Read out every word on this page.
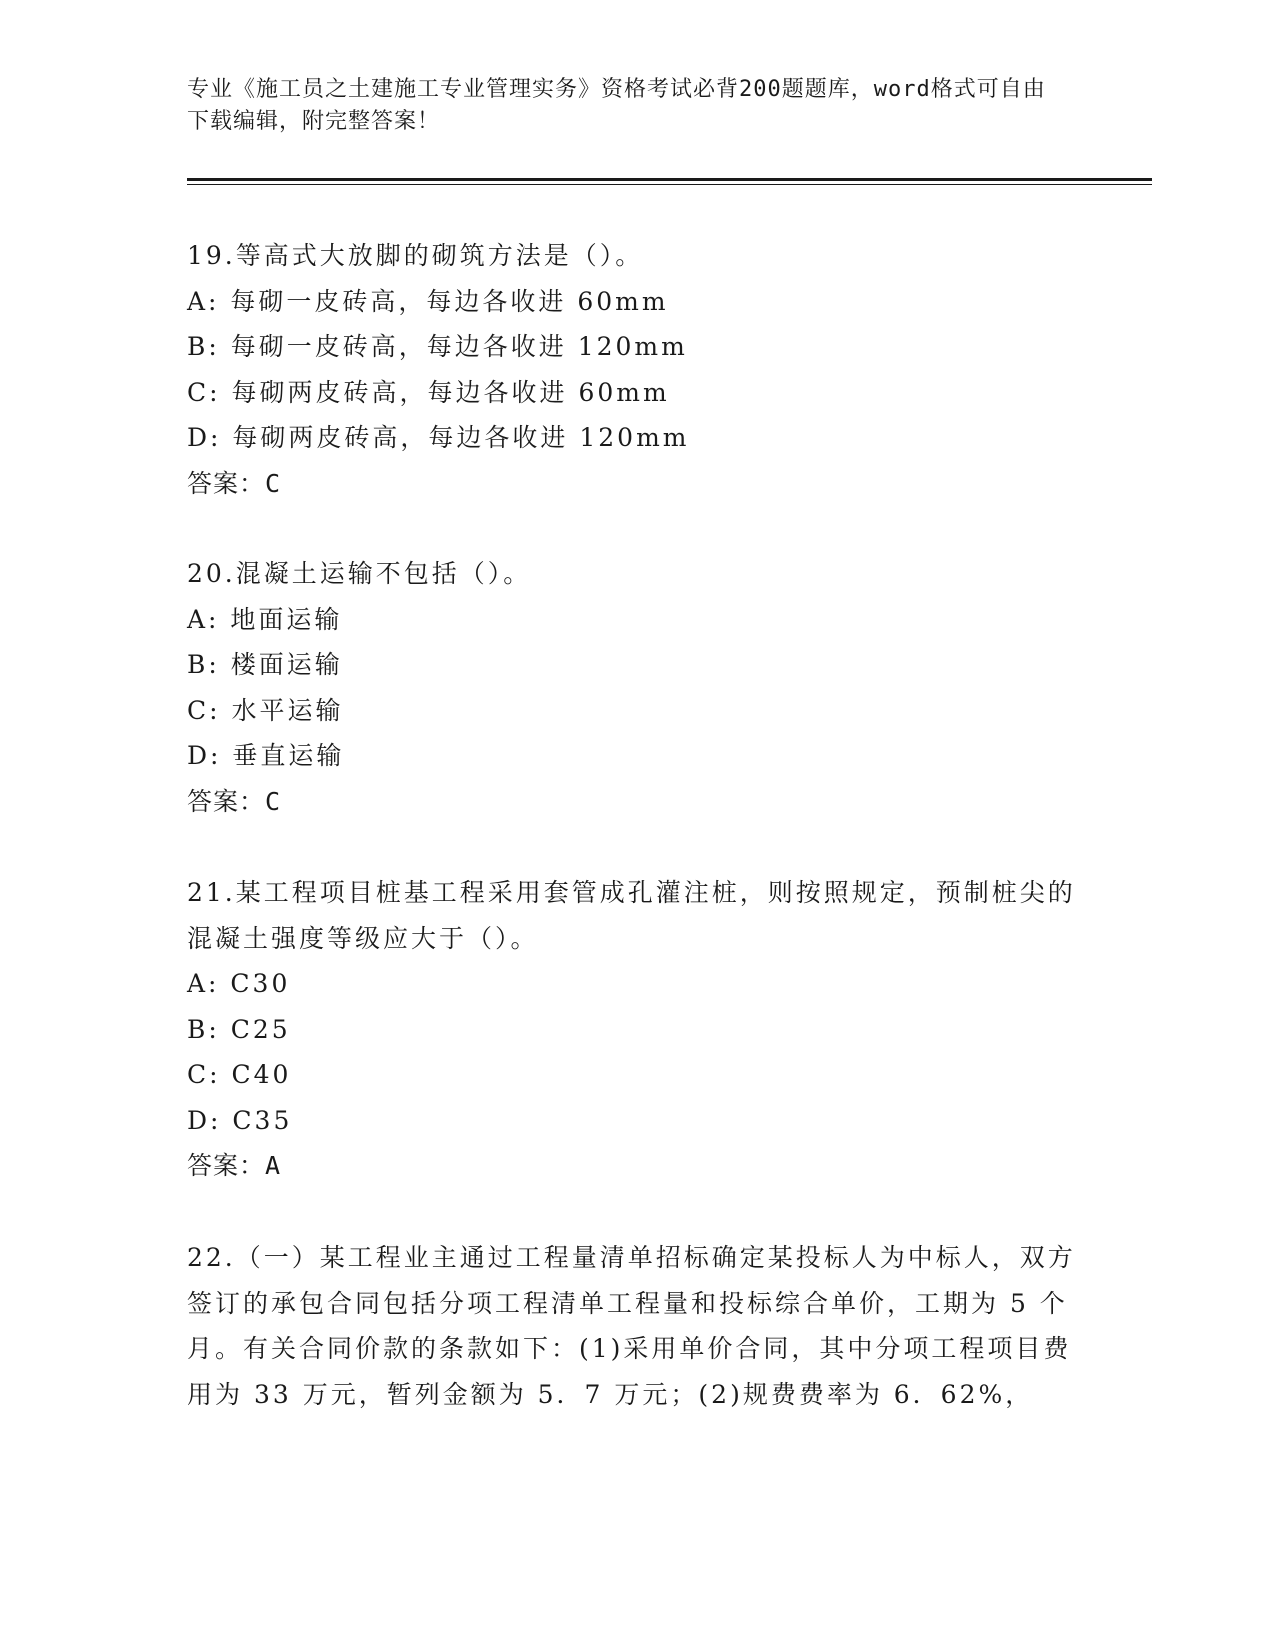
专业《施工员之土建施工专业管理实务》资格考试必背200题题库，word格式可自由下载编辑，附完整答案！
19.等高式大放脚的砌筑方法是（）。
A: 每砌一皮砖高，每边各收进 60mm
B: 每砌一皮砖高，每边各收进 120mm
C: 每砌两皮砖高，每边各收进 60mm
D: 每砌两皮砖高，每边各收进 120mm
答案：C
20.混凝土运输不包括（）。
A: 地面运输
B: 楼面运输
C: 水平运输
D: 垂直运输
答案：C
21.某工程项目桩基工程采用套管成孔灌注桩，则按照规定，预制桩尖的混凝土强度等级应大于（）。
A: C30
B: C25
C: C40
D: C35
答案：A
22.（一）某工程业主通过工程量清单招标确定某投标人为中标人，双方签订的承包合同包括分项工程清单工程量和投标综合单价，工期为 5 个月。有关合同价款的条款如下：(1)采用单价合同，其中分项工程项目费用为 33 万元，暂列金额为 5．7 万元；(2)规费费率为 6．62%，
